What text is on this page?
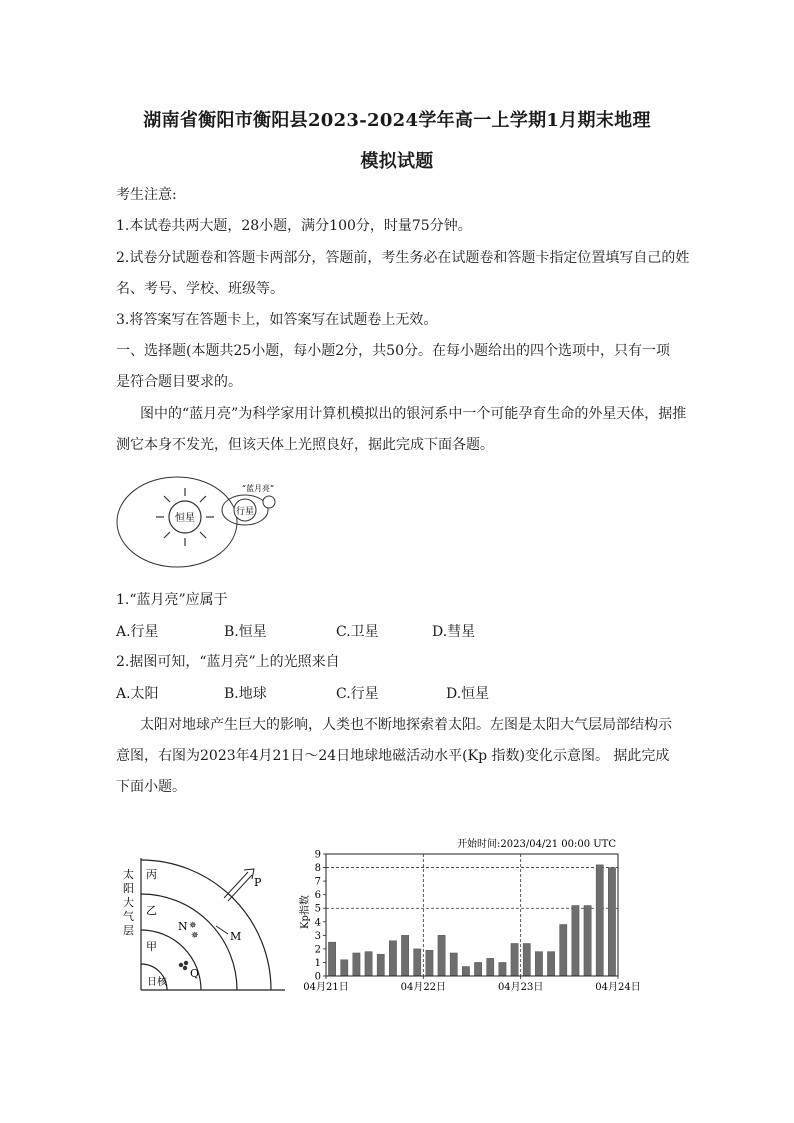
湖南省衡阳市衡阳县2023-2024学年高一上学期1月期末地理
模拟试题
考生注意:
1.本试卷共两大题，28小题，满分100分，时量75分钟。
2.试卷分试题卷和答题卡两部分，答题前，考生务必在试题卷和答题卡指定位置填写自己的姓
名、考号、学校、班级等。
3.将答案写在答题卡上，如答案写在试题卷上无效。
一、选择题(本题共25小题，每小题2分，共50分。在每小题给出的四个选项中，只有一项
是符合题目要求的。
图中的“蓝月亮”为科学家用计算机模拟出的银河系中一个可能孕育生命的外星天体，据推
测它本身不发光，但该天体上光照良好，据此完成下面各题。
恒星
行星
“蓝月亮”
1.“蓝月亮”应属于
A.行星	B.恒星	C.卫星	D.彗星
2.据图可知，“蓝月亮”上的光照来自
A.太阳	B.地球	C.行星	D.恒星
太阳对地球产生巨大的影响，人类也不断地探索着太阳。左图是太阳大气层局部结构示
意图，右图为2023年4月21日～24日地球地磁活动水平(Kp 指数)变化示意图。 据此完成
下面小题。
太
阳
大
气
层
丙
乙
甲
日核
P
N ✵
✵	M
Q
开始时间:2023/04/21 00:00 UTC
Kp指数
0
1
2
3
4
5
6
7
8
9
04月21日	04月22日	04月23日	04月24日
